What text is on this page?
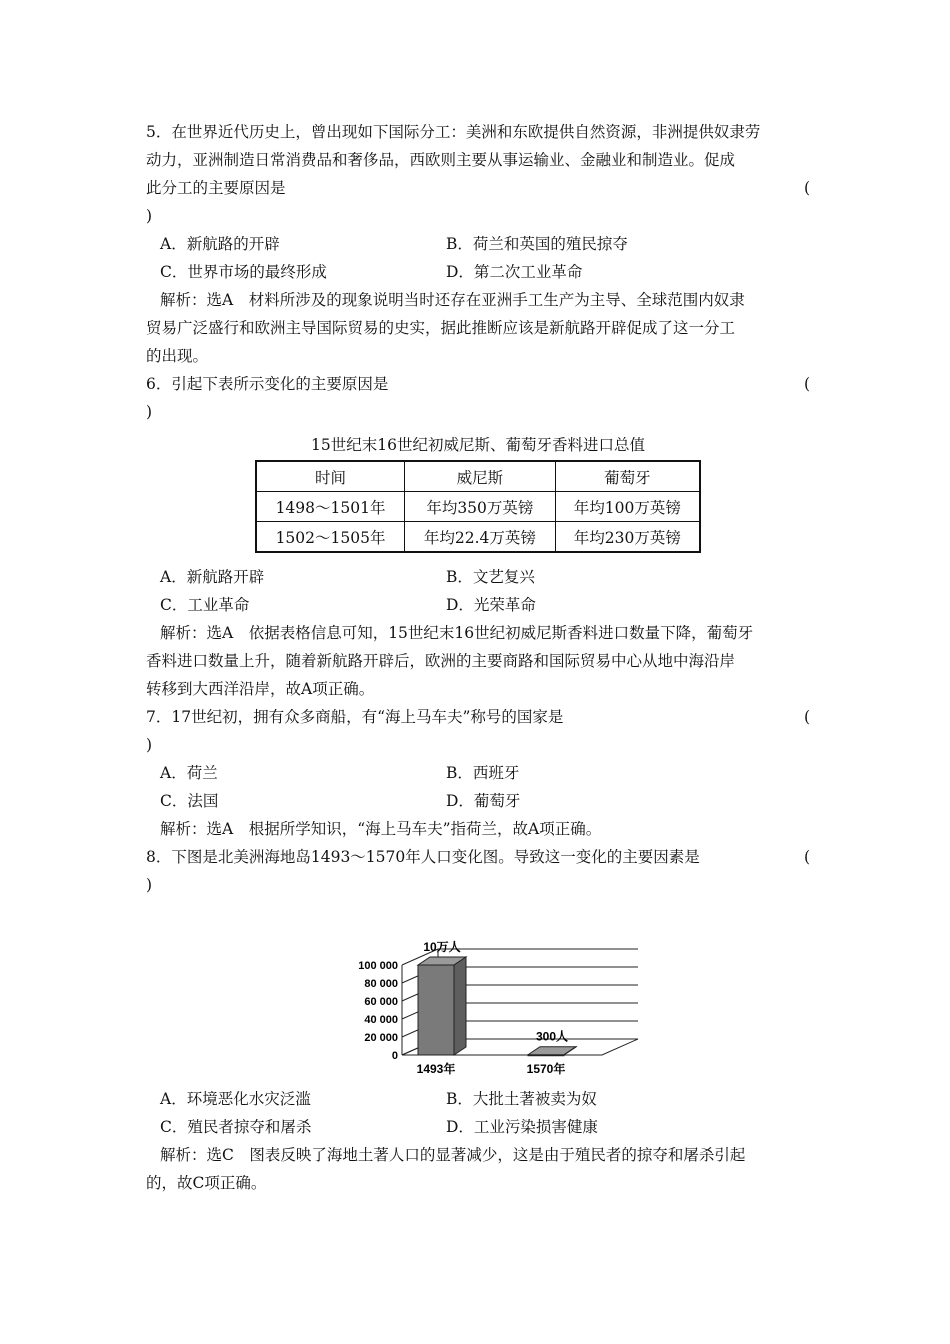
5．在世界近代历史上，曾出现如下国际分工：美洲和东欧提供自然资源，非洲提供奴隶劳
动力，亚洲制造日常消费品和奢侈品，西欧则主要从事运输业、金融业和制造业。促成
此分工的主要原因是	(
)
A．新航路的开辟	B．荷兰和英国的殖民掠夺
C．世界市场的最终形成	D．第二次工业革命
解析：选A　材料所涉及的现象说明当时还存在亚洲手工生产为主导、全球范围内奴隶
贸易广泛盛行和欧洲主导国际贸易的史实，据此推断应该是新航路开辟促成了这一分工
的出现。
6．引起下表所示变化的主要原因是	(
)
15世纪末16世纪初威尼斯、葡萄牙香料进口总值
时间	威尼斯	葡萄牙
1498～1501年	年均350万英镑	年均100万英镑
1502～1505年	年均22.4万英镑	年均230万英镑
A．新航路开辟	B．文艺复兴
C．工业革命	D．光荣革命
解析：选A　依据表格信息可知，15世纪末16世纪初威尼斯香料进口数量下降，葡萄牙
香料进口数量上升，随着新航路开辟后，欧洲的主要商路和国际贸易中心从地中海沿岸
转移到大西洋沿岸，故A项正确。
7．17世纪初，拥有众多商船，有“海上马车夫”称号的国家是	(
)
A．荷兰	B．西班牙
C．法国	D．葡萄牙
解析：选A　根据所学知识，“海上马车夫”指荷兰，故A项正确。
8．下图是北美洲海地岛1493～1570年人口变化图。导致这一变化的主要因素是	(
)
100 000
80 000
60 000
40 000
20 000
0
10万人
1493年
300人
1570年
A．环境恶化水灾泛滥	B．大批土著被卖为奴
C．殖民者掠夺和屠杀	D．工业污染损害健康
解析：选C　图表反映了海地土著人口的显著减少，这是由于殖民者的掠夺和屠杀引起
的，故C项正确。
